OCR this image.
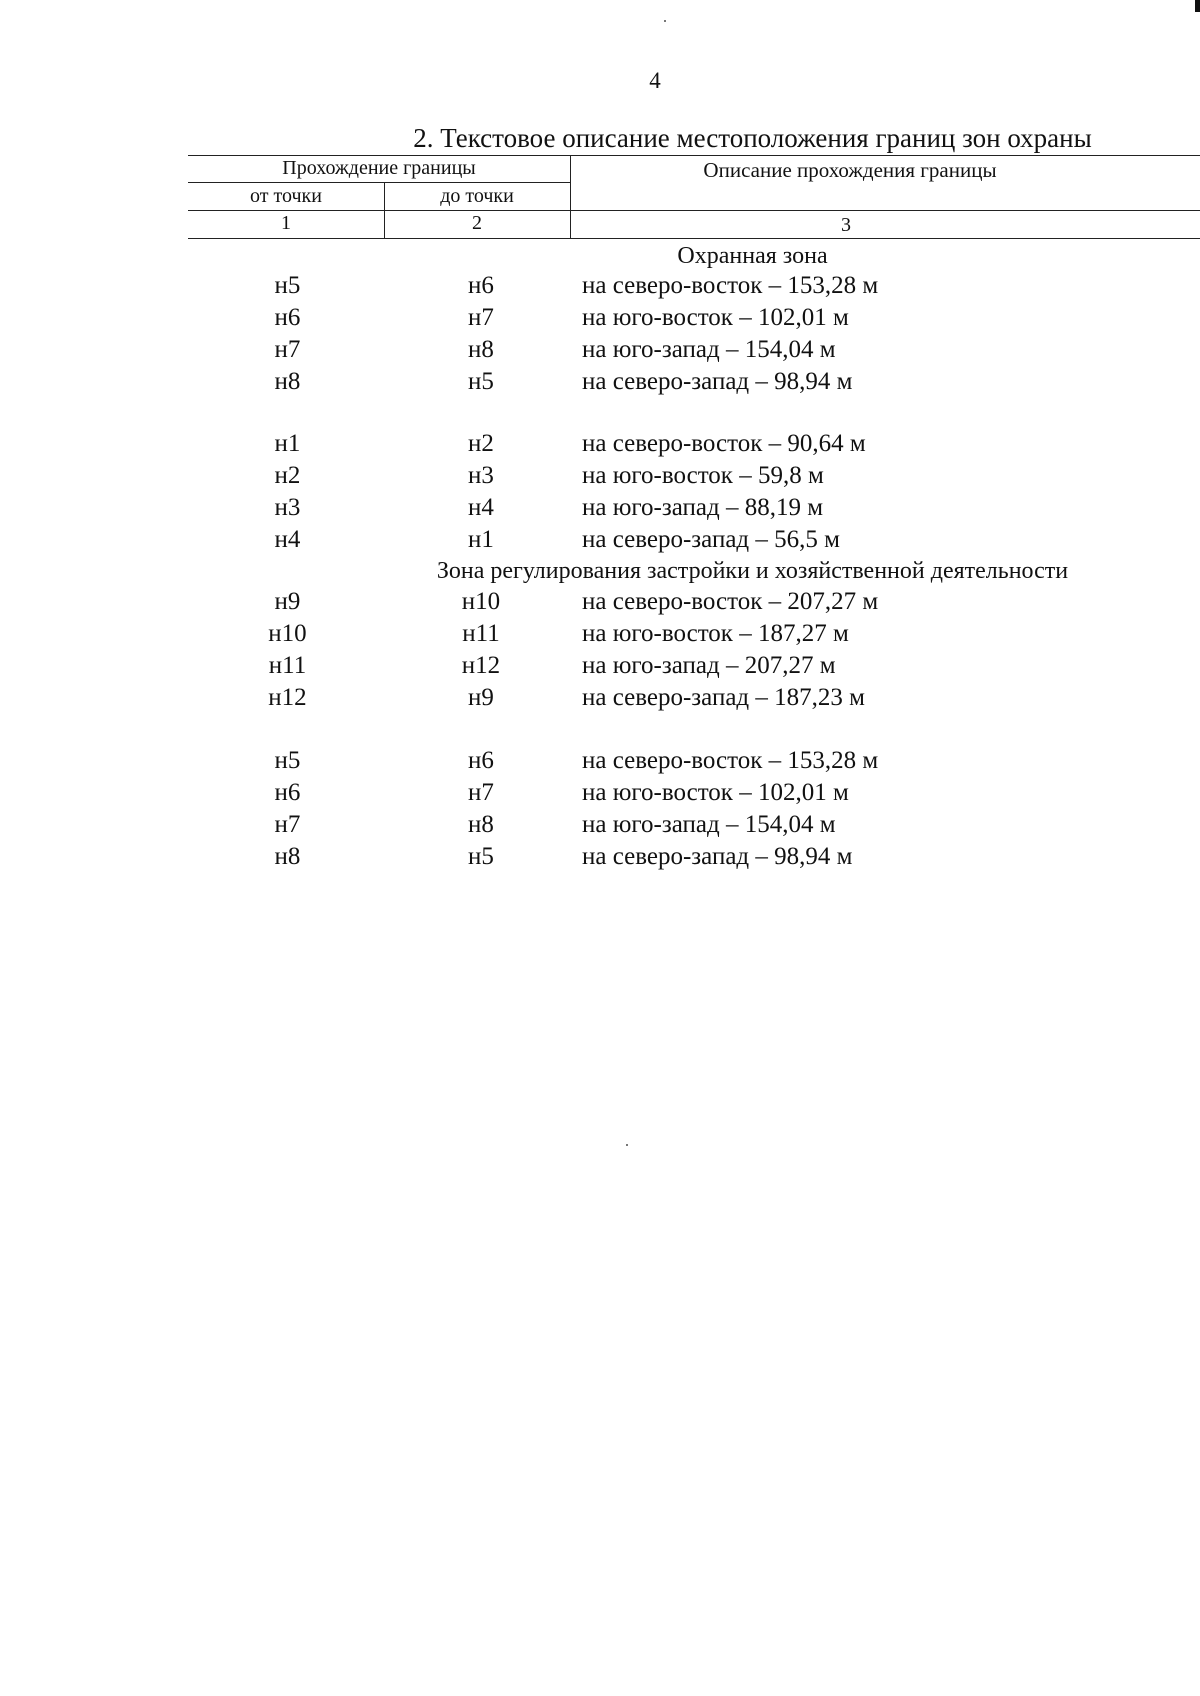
4
2. Текстовое описание местоположения границ зон охраны
Прохождение границы
от точки	до точки
Описание прохождения границы
1	2	3
Охранная зона
н5	н6	на северо-восток – 153,28 м
н6	н7	на юго-восток – 102,01 м
н7	н8	на юго-запад – 154,04 м
н8	н5	на северо-запад – 98,94 м
н1	н2	на северо-восток – 90,64 м
н2	н3	на юго-восток – 59,8 м
н3	н4	на юго-запад – 88,19 м
н4	н1	на северо-запад – 56,5 м
Зона регулирования застройки и хозяйственной деятельности
н9	н10	на северо-восток – 207,27 м
н10	н11	на юго-восток – 187,27 м
н11	н12	на юго-запад – 207,27 м
н12	н9	на северо-запад – 187,23 м
н5	н6	на северо-восток – 153,28 м
н6	н7	на юго-восток – 102,01 м
н7	н8	на юго-запад – 154,04 м
н8	н5	на северо-запад – 98,94 м
